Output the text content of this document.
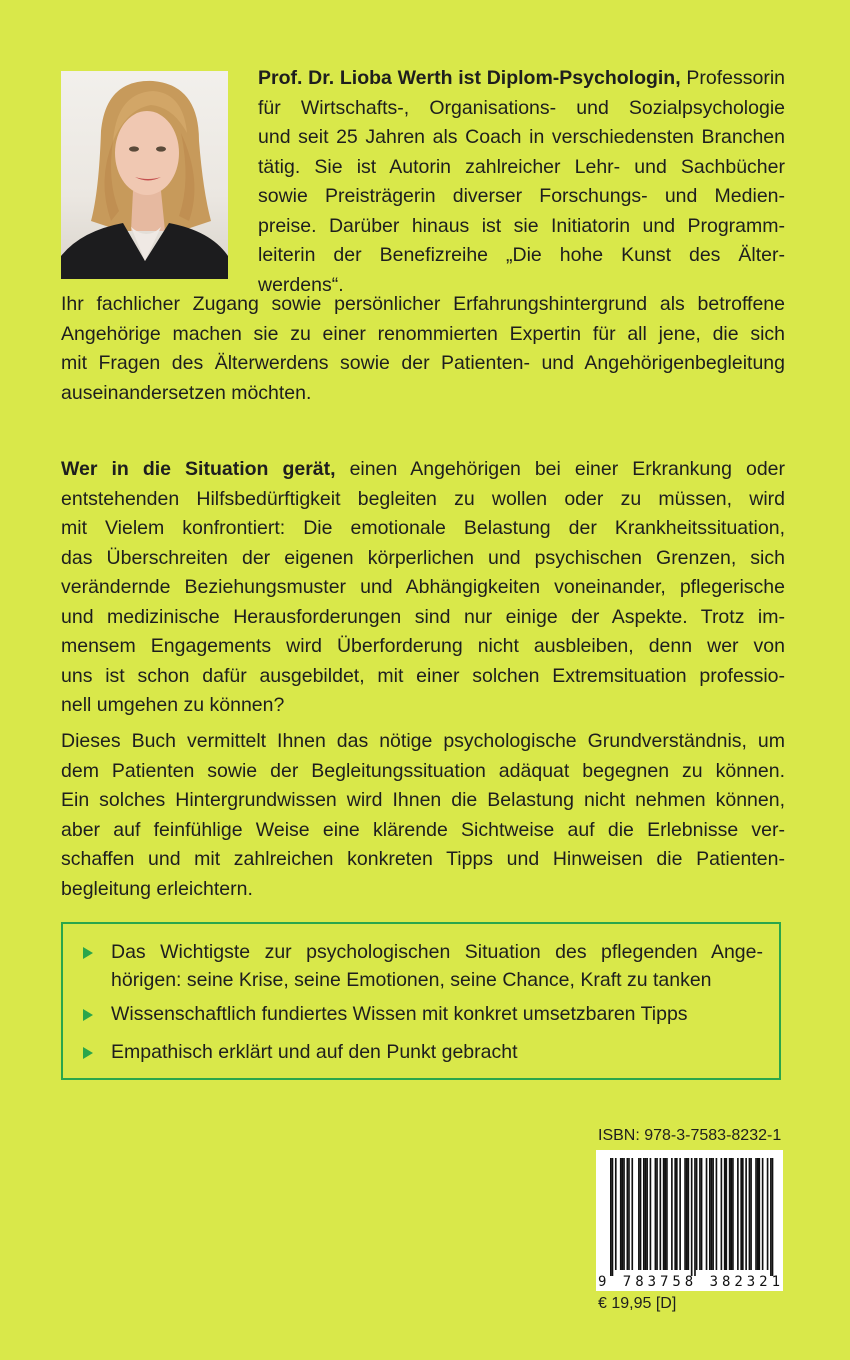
Prof. Dr. Lioba Werth ist Diplom-Psychologin, Professorin
für Wirtschafts-, Organisations- und Sozialpsychologie
und seit 25 Jahren als Coach in verschiedensten Branchen
tätig. Sie ist Autorin zahlreicher Lehr- und Sachbücher
sowie Preisträgerin diverser Forschungs- und Medien-
preise. Darüber hinaus ist sie Initiatorin und Programm-
leiterin der Benefizreihe „Die hohe Kunst des Älter-
werdens“.
Ihr fachlicher Zugang sowie persönlicher Erfahrungshintergrund als betroffene
Angehörige machen sie zu einer renommierten Expertin für all jene, die sich
mit Fragen des Älterwerdens sowie der Patienten- und Angehörigenbegleitung
auseinandersetzen möchten.
Wer in die Situation gerät, einen Angehörigen bei einer Erkrankung oder
entstehenden Hilfsbedürftigkeit begleiten zu wollen oder zu müssen, wird
mit Vielem konfrontiert: Die emotionale Belastung der Krankheitssituation,
das Überschreiten der eigenen körperlichen und psychischen Grenzen, sich
verändernde Beziehungsmuster und Abhängigkeiten voneinander, pflegerische
und medizinische Herausforderungen sind nur einige der Aspekte. Trotz im-
mensem Engagements wird Überforderung nicht ausbleiben, denn wer von
uns ist schon dafür ausgebildet, mit einer solchen Extremsituation professio-
nell umgehen zu können?
Dieses Buch vermittelt Ihnen das nötige psychologische Grundverständnis, um
dem Patienten sowie der Begleitungssituation adäquat begegnen zu können.
Ein solches Hintergrundwissen wird Ihnen die Belastung nicht nehmen können,
aber auf feinfühlige Weise eine klärende Sichtweise auf die Erlebnisse ver-
schaffen und mit zahlreichen konkreten Tipps und Hinweisen die Patienten-
begleitung erleichtern.
Das Wichtigste zur psychologischen Situation des pflegenden Ange-
hörigen: seine Krise, seine Emotionen, seine Chance, Kraft zu tanken
Wissenschaftlich fundiertes Wissen mit konkret umsetzbaren Tipps
Empathisch erklärt und auf den Punkt gebracht
ISBN: 978-3-7583-8232-1
9 783758 382321
€ 19,95 [D]
